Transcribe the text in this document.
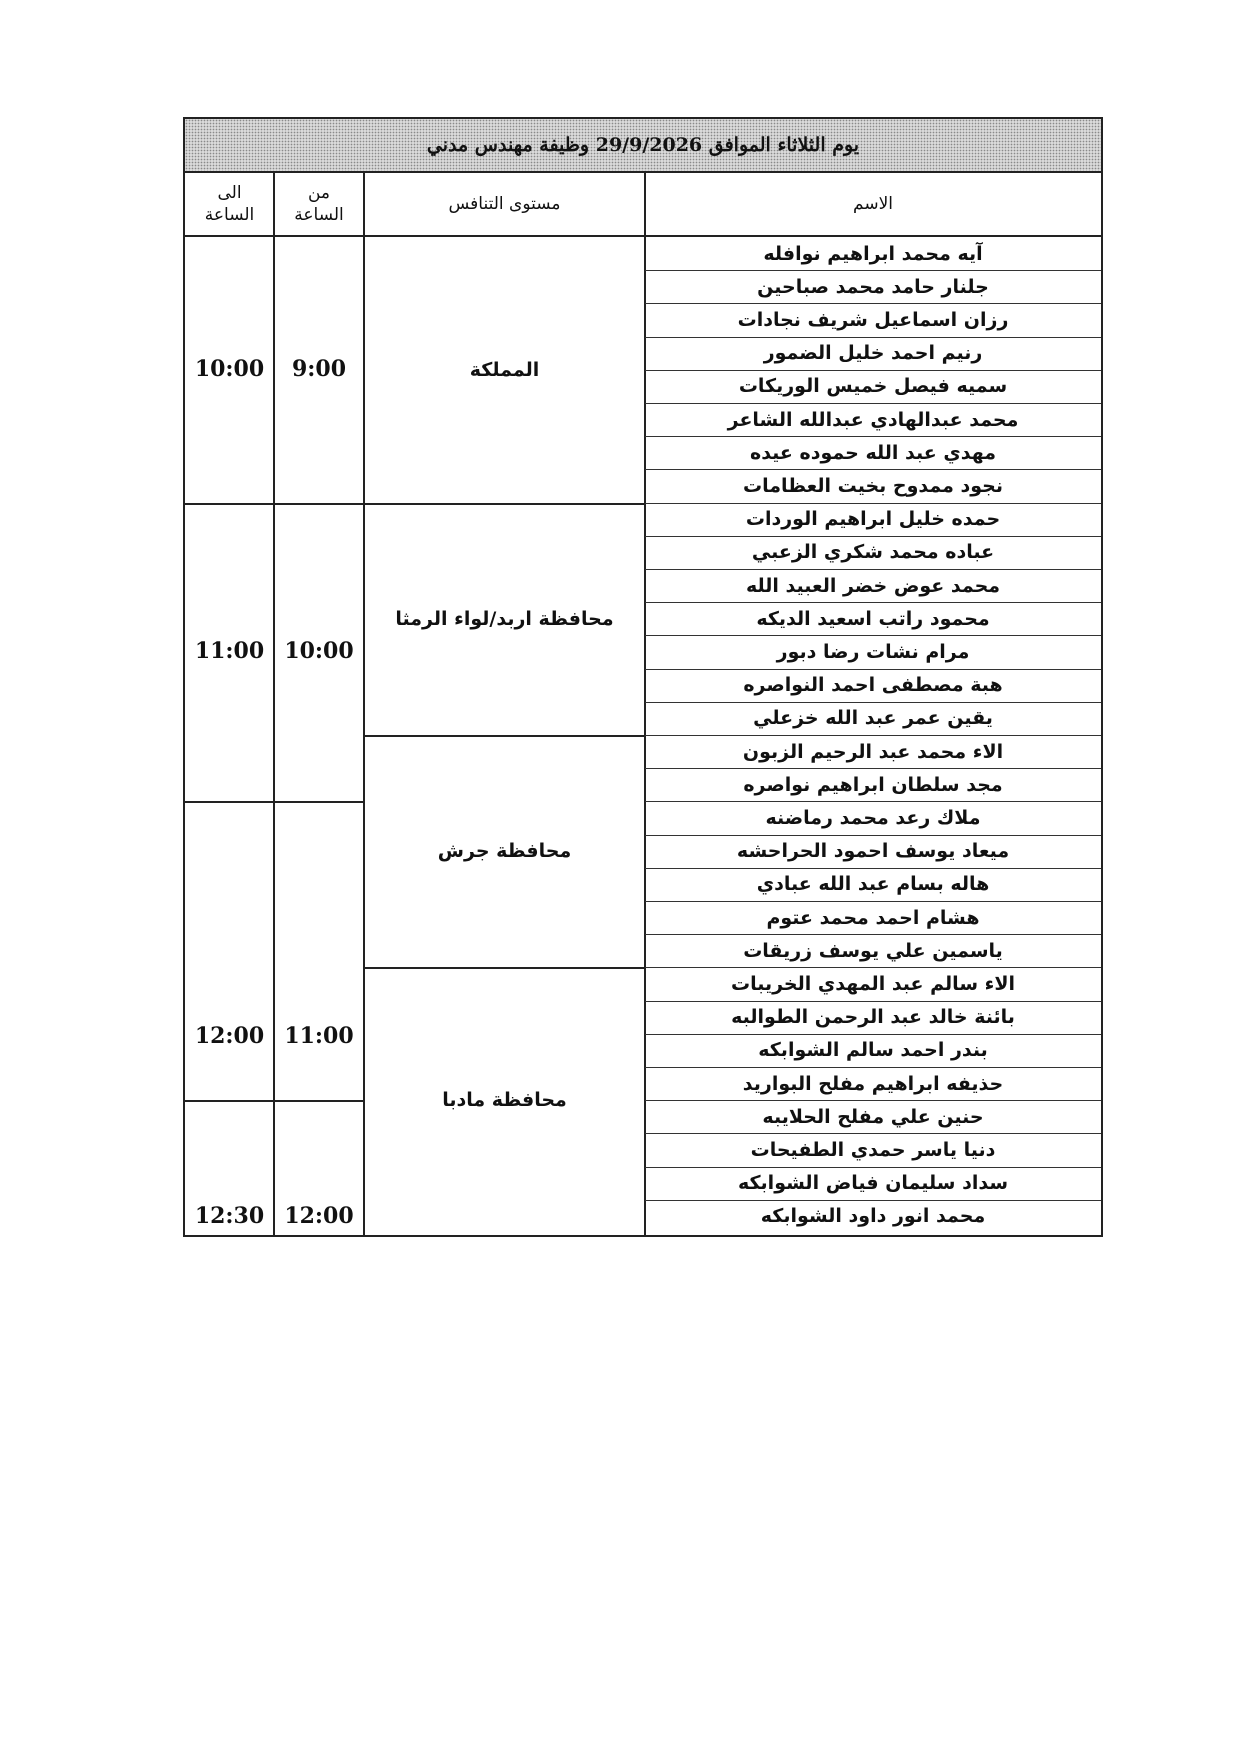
يوم الثلاثاء الموافق 29/9/2026 وظيفة مهندس مدني
الى
الساعة
من
الساعة
مستوى التنافس	الاسم
آيه محمد ابراهيم نوافله
جلنار حامد محمد صباحين
رزان اسماعيل شريف نجادات
رنيم احمد خليل الضمور
سميه فيصل خميس الوريكات
محمد عبدالهادي عبدالله الشاعر
مهدي عبد الله حموده عيده
نجود ممدوح بخيت العظامات
حمده خليل ابراهيم الوردات
عباده محمد شكري الزعبي
محمد عوض خضر العبيد الله
محمود راتب اسعيد الديكه
مرام نشات رضا دبور
هبة مصطفى احمد النواصره
يقين عمر عبد الله خزعلي
الاء محمد عبد الرحيم الزبون
مجد سلطان ابراهيم نواصره
ملاك رعد محمد رماضنه
ميعاد يوسف احمود الحراحشه
هاله بسام عبد الله عبادي
هشام احمد محمد عتوم
ياسمين علي يوسف زريقات
الاء سالم عبد المهدي الخريبات
بائنة خالد عبد الرحمن الطوالبه
بندر احمد سالم الشوابكه
حذيفه ابراهيم مفلح البواريد
حنين علي مفلح الحلايبه
دنيا ياسر حمدي الطفيحات
سداد سليمان فياض الشوابكه
محمد انور داود الشوابكه
المملكة
محافظة اربد/لواء الرمثا
محافظة جرش
محافظة مادبا
9:00
10:00
10:00
11:00
11:00
12:00
12:00
12:30
